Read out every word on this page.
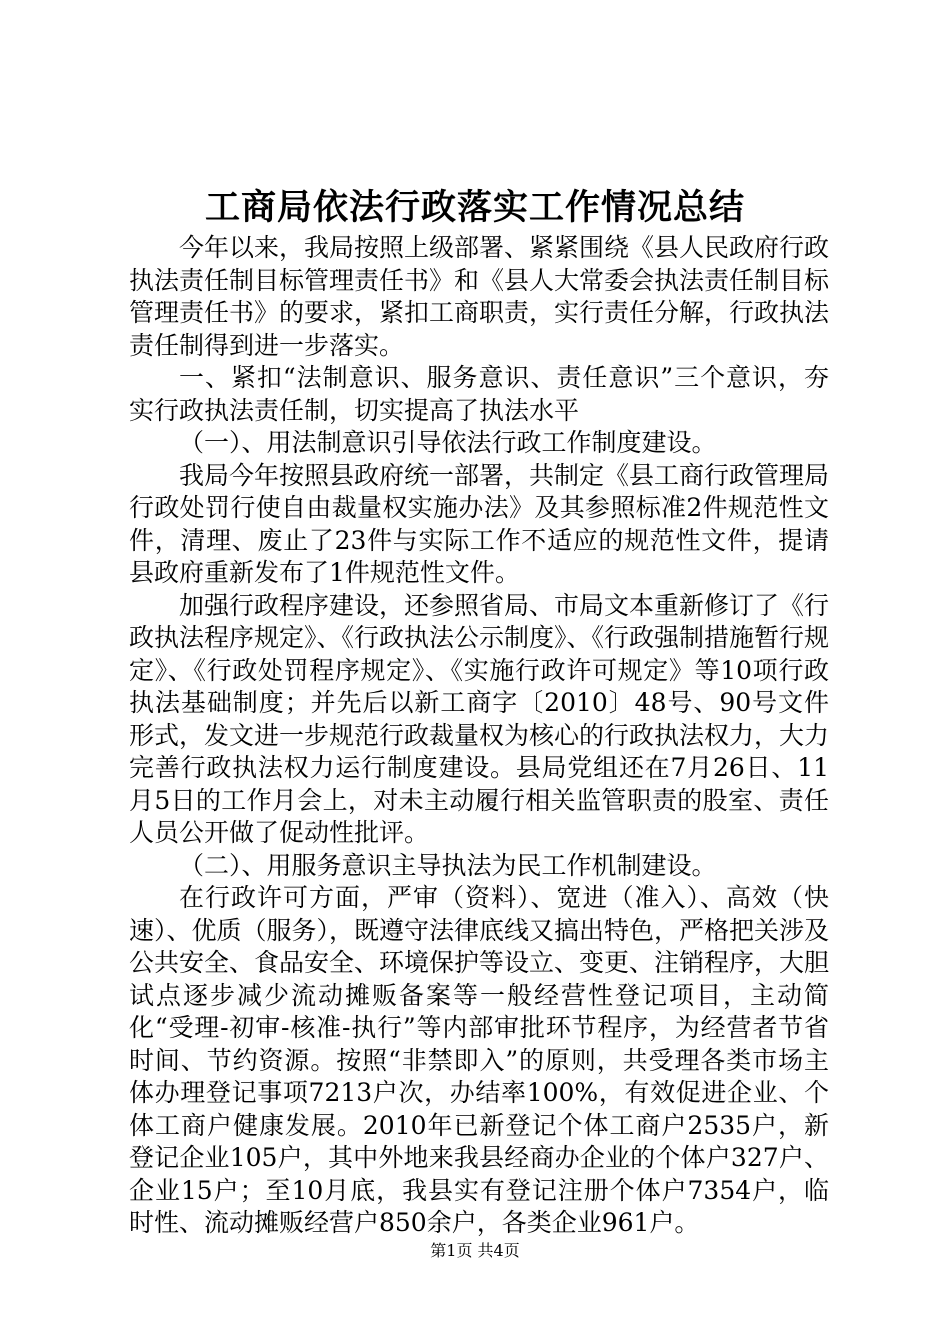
工商局依法行政落实工作情况总结

今年以来，我局按照上级部署、紧紧围绕《县人民政府行政执法责任制目标管理责任书》和《县人大常委会执法责任制目标管理责任书》的要求，紧扣工商职责，实行责任分解，行政执法责任制得到进一步落实。

一、紧扣“法制意识、服务意识、责任意识”三个意识，夯实行政执法责任制，切实提高了执法水平

（一）、用法制意识引导依法行政工作制度建设。

我局今年按照县政府统一部署，共制定《县工商行政管理局行政处罚行使自由裁量权实施办法》及其参照标准2件规范性文件，清理、废止了23件与实际工作不适应的规范性文件，提请县政府重新发布了1件规范性文件。

加强行政程序建设，还参照省局、市局文本重新修订了《行政执法程序规定》、《行政执法公示制度》、《行政强制措施暂行规定》、《行政处罚程序规定》、《实施行政许可规定》等10项行政执法基础制度；并先后以新工商字〔2010〕48号、90号文件形式，发文进一步规范行政裁量权为核心的行政执法权力，大力完善行政执法权力运行制度建设。县局党组还在7月26日、11月5日的工作月会上，对未主动履行相关监管职责的股室、责任人员公开做了促动性批评。

（二）、用服务意识主导执法为民工作机制建设。

在行政许可方面，严审（资料）、宽进（准入）、高效（快速）、优质（服务），既遵守法律底线又搞出特色，严格把关涉及公共安全、食品安全、环境保护等设立、变更、注销程序，大胆试点逐步减少流动摊贩备案等一般经营性登记项目，主动简化“受理-初审-核准-执行”等内部审批环节程序，为经营者节省时间、节约资源。按照“非禁即入”的原则，共受理各类市场主体办理登记事项7213户次，办结率100%，有效促进企业、个体工商户健康发展。2010年已新登记个体工商户2535户，新登记企业105户，其中外地来我县经商办企业的个体户327户、企业15户；至10月底，我县实有登记注册个体户7354户，临时性、流动摊贩经营户850余户，各类企业961户。

第1页 共4页
